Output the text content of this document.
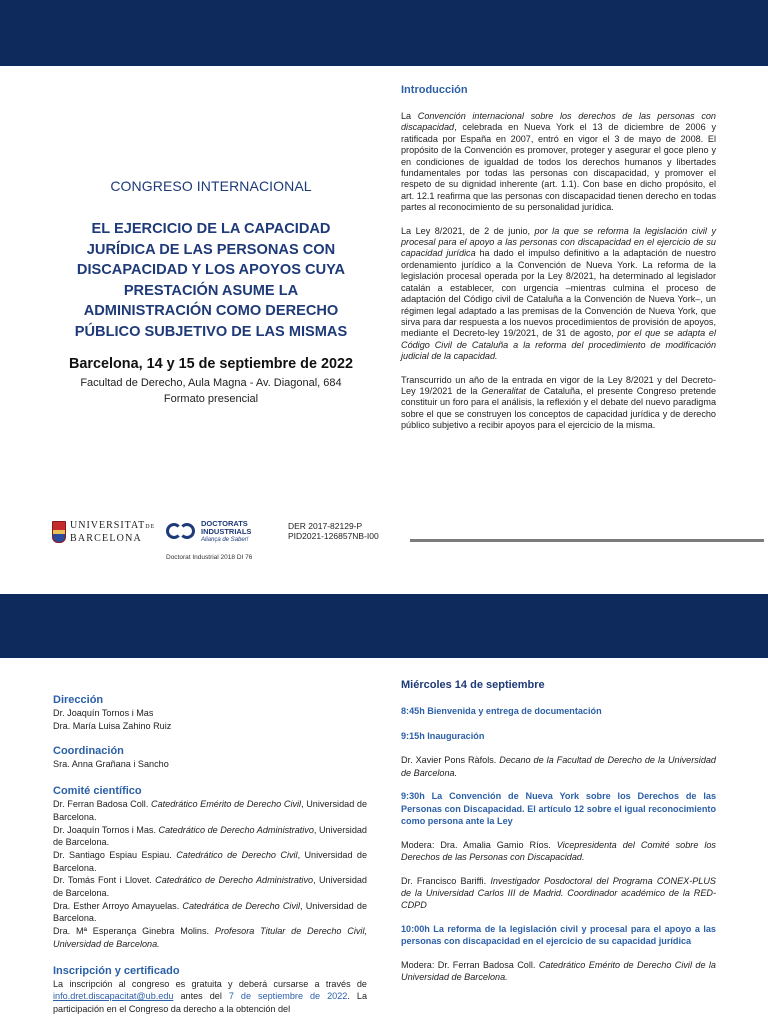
CONGRESO INTERNACIONAL
EL EJERCICIO DE LA CAPACIDAD
JURÍDICA DE LAS PERSONAS CON
DISCAPACIDAD Y LOS APOYOS CUYA
PRESTACIÓN ASUME LA
ADMINISTRACIÓN COMO DERECHO
PÚBLICO SUBJETIVO DE LAS MISMAS
Barcelona, 14 y 15 de septiembre de 2022
Facultad de Derecho, Aula Magna - Av. Diagonal, 684
Formato presencial
UNIVERSITATDE
BARCELONA
DOCTORATS
INDUSTRIALS
Aliança de Saber!
Doctorat Industrial 2018 DI 76
DER 2017-82129-P
PID2021-126857NB-I00
Introducción

La Convención internacional sobre los derechos de las personas con discapacidad, celebrada en Nueva York el 13 de diciembre de 2006 y ratificada por España en 2007, entró en vigor el 3 de mayo de 2008. El propósito de la Convención es promover, proteger y asegurar el goce pleno y en condiciones de igualdad de todos los derechos humanos y libertades fundamentales por todas las personas con discapacidad, y promover el respeto de su dignidad inherente (art. 1.1). Con base en dicho propósito, el art. 12.1 reafirma que las personas con discapacidad tienen derecho en todas partes al reconocimiento de su personalidad jurídica.

La Ley 8/2021, de 2 de junio, por la que se reforma la legislación civil y procesal para el apoyo a las personas con discapacidad en el ejercicio de su capacidad jurídica ha dado el impulso definitivo a la adaptación de nuestro ordenamiento jurídico a la Convención de Nueva York. La reforma de la legislación procesal operada por la Ley 8/2021, ha determinado al legislador catalán a establecer, con urgencia –mientras culmina el proceso de adaptación del Código civil de Cataluña a la Convención de Nueva York–, un régimen legal adaptado a las premisas de la Convención de Nueva York, que sirva para dar respuesta a los nuevos procedimientos de provisión de apoyos, mediante el Decreto-ley 19/2021, de 31 de agosto, por el que se adapta el Código Civil de Cataluña a la reforma del procedimiento de modificación judicial de la capacidad.

Transcurrido un año de la entrada en vigor de la Ley 8/2021 y del Decreto-Ley 19/2021 de la Generalitat de Cataluña, el presente Congreso pretende constituir un foro para el análisis, la reflexión y el debate del nuevo paradigma sobre el que se construyen los conceptos de capacidad jurídica y de derecho público subjetivo a recibir apoyos para el ejercicio de la misma.

Dirección
Dr. Joaquín Tornos i Mas
Dra. María Luisa Zahino Ruiz
Coordinación
Sra. Anna Grañana i Sancho
Comité científico
Dr. Ferran Badosa Coll. Catedrático Emérito de Derecho Civil, Universidad de Barcelona.
Dr. Joaquín Tornos i Mas. Catedrático de Derecho Administrativo, Universidad de Barcelona.
Dr. Santiago Espiau Espiau. Catedrático de Derecho Civil, Universidad de Barcelona.
Dr. Tomás Font i Llovet. Catedrático de Derecho Administrativo, Universidad de Barcelona.
Dra. Esther Arroyo Amayuelas. Catedrática de Derecho Civil, Universidad de Barcelona.
Dra. Mª Esperança Ginebra Molins. Profesora Titular de Derecho Civil, Universidad de Barcelona.
Inscripción y certificado
La inscripción al congreso es gratuita y deberá cursarse a través de info.dret.discapacitat@ub.edu antes del 7 de septiembre de 2022. La participación en el Congreso da derecho a la obtención del
Miércoles 14 de septiembre
8:45h Bienvenida y entrega de documentación
9:15h Inauguración
Dr. Xavier Pons Ràfols. Decano de la Facultad de Derecho de la Universidad de Barcelona.
9:30h La Convención de Nueva York sobre los Derechos de las Personas con Discapacidad. El artículo 12 sobre el igual reconocimiento como persona ante la Ley
Modera: Dra. Amalia Gamio Ríos. Vicepresidenta del Comité sobre los Derechos de las Personas con Discapacidad.
Dr. Francisco Bariffi. Investigador Posdoctoral del Programa CONEX-PLUS de la Universidad Carlos III de Madrid. Coordinador académico de la RED-CDPD
10:00h La reforma de la legislación civil y procesal para el apoyo a las personas con discapacidad en el ejercicio de su capacidad jurídica
Modera: Dr. Ferran Badosa Coll. Catedrático Emérito de Derecho Civil de la Universidad de Barcelona.
